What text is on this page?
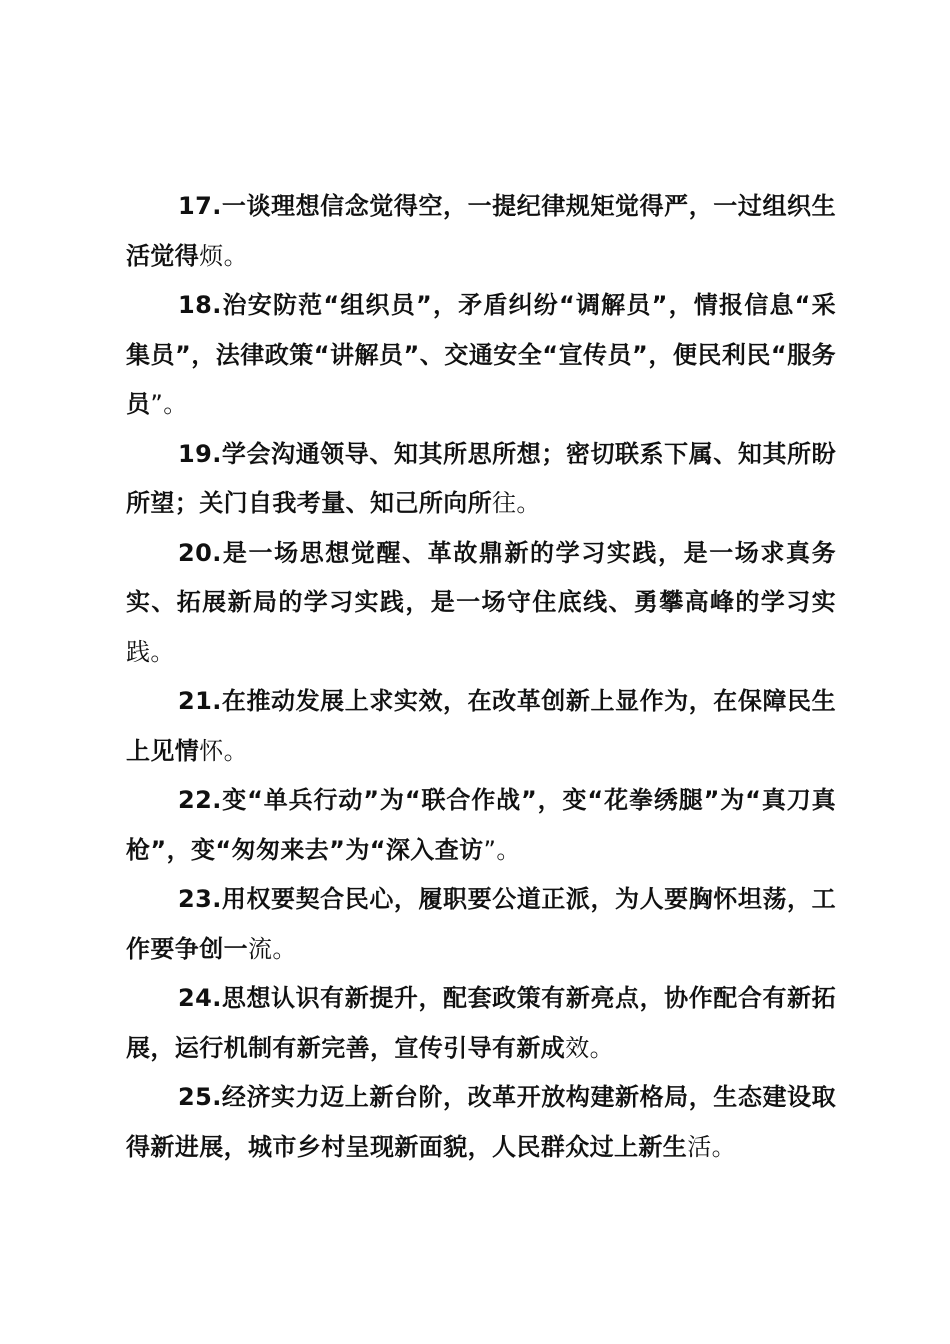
17.一谈理想信念觉得空，一提纪律规矩觉得严，一过组织生活觉得烦。

18.治安防范“组织员”，矛盾纠纷“调解员”，情报信息“采集员”，法律政策“讲解员”、交通安全“宣传员”，便民利民“服务员”。

19.学会沟通领导、知其所思所想；密切联系下属、知其所盼所望；关门自我考量、知己所向所往。

20.是一场思想觉醒、革故鼎新的学习实践，是一场求真务实、拓展新局的学习实践，是一场守住底线、勇攀高峰的学习实践。

21.在推动发展上求实效，在改革创新上显作为，在保障民生上见情怀。

22.变“单兵行动”为“联合作战”，变“花拳绣腿”为“真刀真枪”，变“匆匆来去”为“深入查访”。

23.用权要契合民心，履职要公道正派，为人要胸怀坦荡，工作要争创一流。

24.思想认识有新提升，配套政策有新亮点，协作配合有新拓展，运行机制有新完善，宣传引导有新成效。

25.经济实力迈上新台阶，改革开放构建新格局，生态建设取得新进展，城市乡村呈现新面貌，人民群众过上新生活。
